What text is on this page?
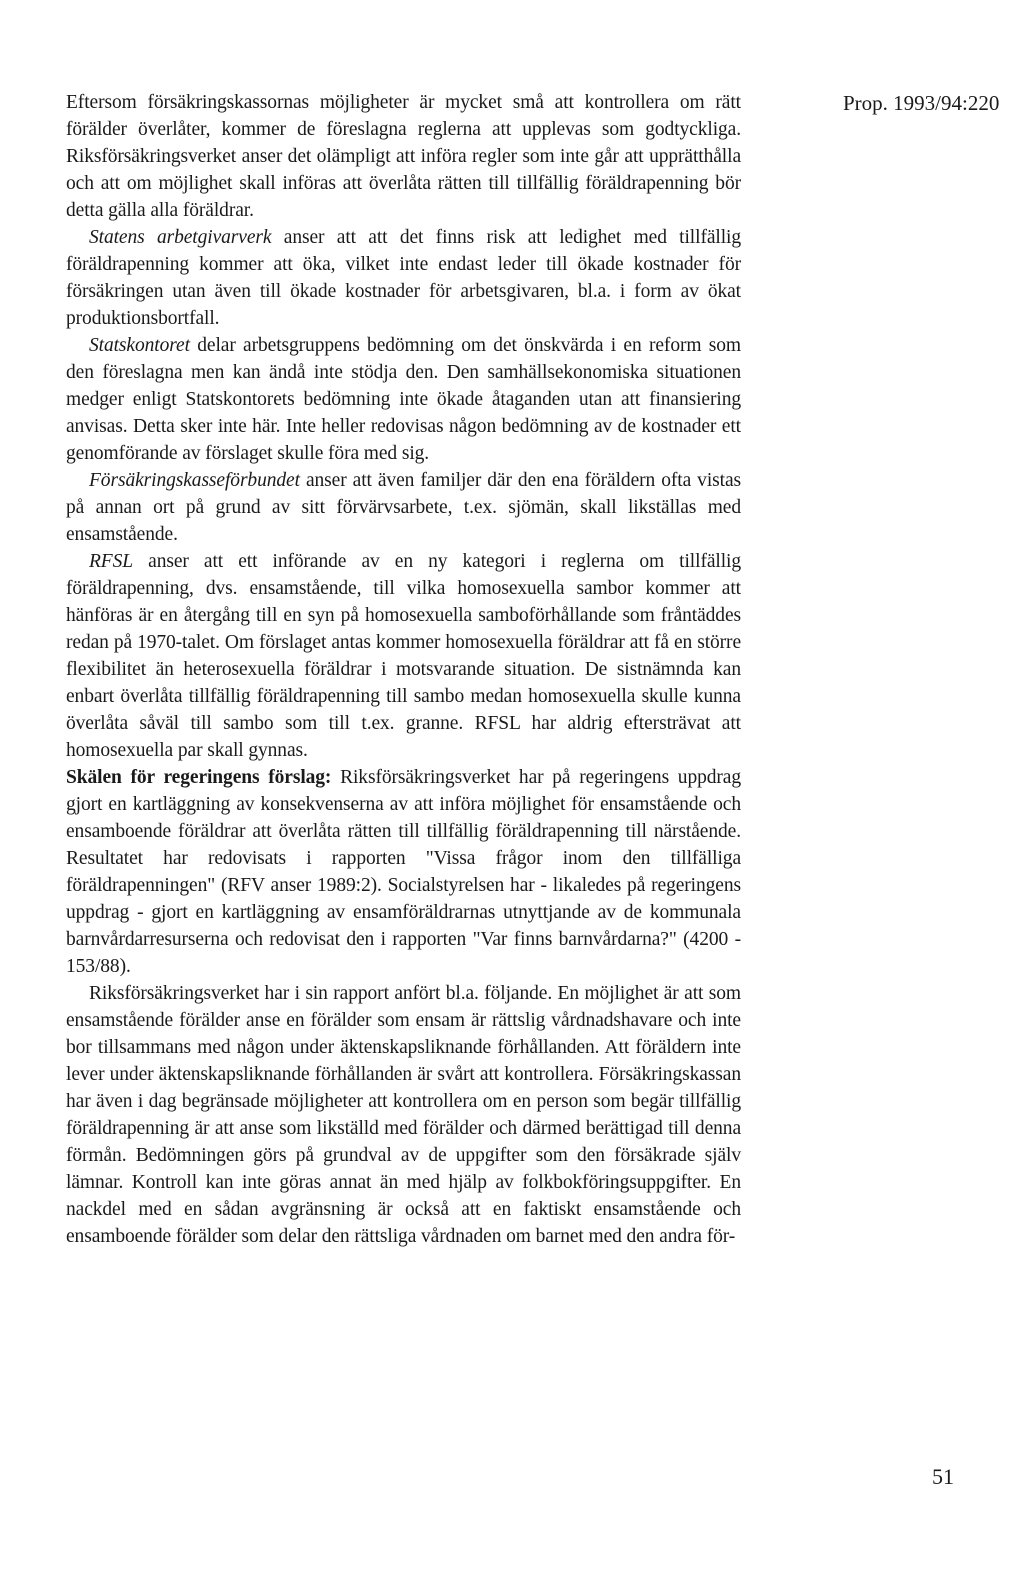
Prop. 1993/94:220

Eftersom försäkringskassornas möjligheter är mycket små att kontrollera om rätt förälder överlåter, kommer de föreslagna reglerna att upplevas som godtyckliga. Riksförsäkringsverket anser det olämpligt att införa regler som inte går att upprätthålla och att om möjlighet skall införas att överlåta rätten till tillfällig föräldrapenning bör detta gälla alla föräldrar.

Statens arbetgivarverk anser att att det finns risk att ledighet med tillfällig föräldrapenning kommer att öka, vilket inte endast leder till ökade kostnader för försäkringen utan även till ökade kostnader för arbetsgivaren, bl.a. i form av ökat produktionsbortfall.

Statskontoret delar arbetsgruppens bedömning om det önskvärda i en reform som den föreslagna men kan ändå inte stödja den. Den samhällsekonomiska situationen medger enligt Statskontorets bedömning inte ökade åtaganden utan att finansiering anvisas. Detta sker inte här. Inte heller redovisas någon bedömning av de kostnader ett genomförande av förslaget skulle föra med sig.

Försäkringskasseförbundet anser att även familjer där den ena föräldern ofta vistas på annan ort på grund av sitt förvärvsarbete, t.ex. sjömän, skall likställas med ensamstående.

RFSL anser att ett införande av en ny kategori i reglerna om tillfällig föräldrapenning, dvs. ensamstående, till vilka homosexuella sambor kommer att hänföras är en återgång till en syn på homosexuella samboförhållande som fråntäddes redan på 1970-talet. Om förslaget antas kommer homosexuella föräldrar att få en större flexibilitet än heterosexuella föräldrar i motsvarande situation. De sistnämnda kan enbart överlåta tillfällig föräldrapenning till sambo medan homosexuella skulle kunna överlåta såväl till sambo som till t.ex. granne. RFSL har aldrig eftersträvat att homosexuella par skall gynnas.

Skälen för regeringens förslag: Riksförsäkringsverket har på regeringens uppdrag gjort en kartläggning av konsekvenserna av att införa möjlighet för ensamstående och ensamboende föräldrar att överlåta rätten till tillfällig föräldrapenning till närstående. Resultatet har redovisats i rapporten "Vissa frågor inom den tillfälliga föräldrapenningen" (RFV anser 1989:2). Socialstyrelsen har - likaledes på regeringens uppdrag - gjort en kartläggning av ensamföräldrarnas utnyttjande av de kommunala barnvårdarresurserna och redovisat den i rapporten "Var finns barnvårdarna?" (4200 - 153/88).

Riksförsäkringsverket har i sin rapport anfört bl.a. följande. En möjlighet är att som ensamstående förälder anse en förälder som ensam är rättslig vårdnadshavare och inte bor tillsammans med någon under äktenskapsliknande förhållanden. Att föräldern inte lever under äktenskapsliknande förhållanden är svårt att kontrollera. Försäkringskassan har även i dag begränsade möjligheter att kontrollera om en person som begär tillfällig föräldrapenning är att anse som likställd med förälder och därmed berättigad till denna förmån. Bedömningen görs på grundval av de uppgifter som den försäkrade själv lämnar. Kontroll kan inte göras annat än med hjälp av folkbokföringsuppgifter. En nackdel med en sådan avgränsning är också att en faktiskt ensamstående och ensamboende förälder som delar den rättsliga vårdnaden om barnet med den andra för-

51
